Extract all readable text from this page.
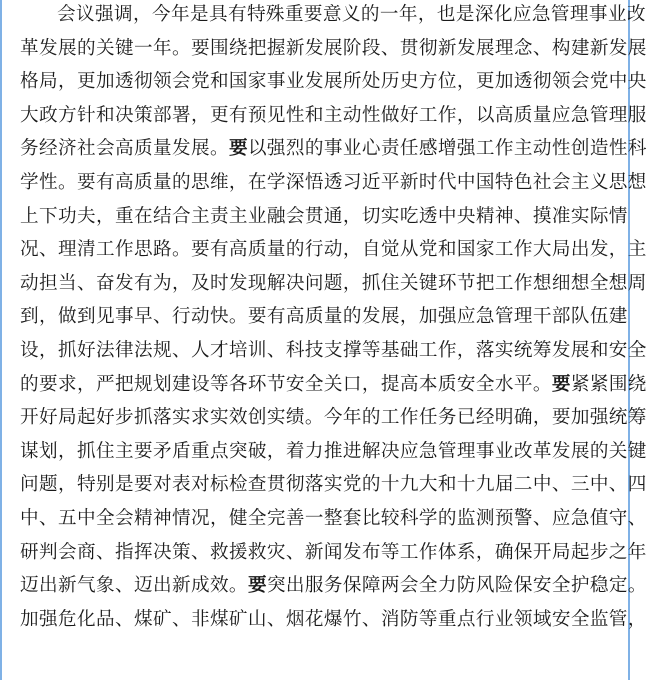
会议强调，今年是具有特殊重要意义的一年，也是深化应急管理事业改
革发展的关键一年。要围绕把握新发展阶段、贯彻新发展理念、构建新发展
格局，更加透彻领会党和国家事业发展所处历史方位，更加透彻领会党中央
大政方针和决策部署，更有预见性和主动性做好工作，以高质量应急管理服
务经济社会高质量发展。要以强烈的事业心责任感增强工作主动性创造性科
学性。要有高质量的思维，在学深悟透习近平新时代中国特色社会主义思想
上下功夫，重在结合主责主业融会贯通，切实吃透中央精神、摸准实际情
况、理清工作思路。要有高质量的行动，自觉从党和国家工作大局出发，主
动担当、奋发有为，及时发现解决问题，抓住关键环节把工作想细想全想周
到，做到见事早、行动快。要有高质量的发展，加强应急管理干部队伍建
设，抓好法律法规、人才培训、科技支撑等基础工作，落实统筹发展和安全
的要求，严把规划建设等各环节安全关口，提高本质安全水平。要紧紧围绕
开好局起好步抓落实求实效创实绩。今年的工作任务已经明确，要加强统筹
谋划，抓住主要矛盾重点突破，着力推进解决应急管理事业改革发展的关键
问题，特别是要对表对标检查贯彻落实党的十九大和十九届二中、三中、四
中、五中全会精神情况，健全完善一整套比较科学的监测预警、应急值守、
研判会商、指挥决策、救援救灾、新闻发布等工作体系，确保开局起步之年
迈出新气象、迈出新成效。要突出服务保障两会全力防风险保安全护稳定。
加强危化品、煤矿、非煤矿山、烟花爆竹、消防等重点行业领域安全监管，
